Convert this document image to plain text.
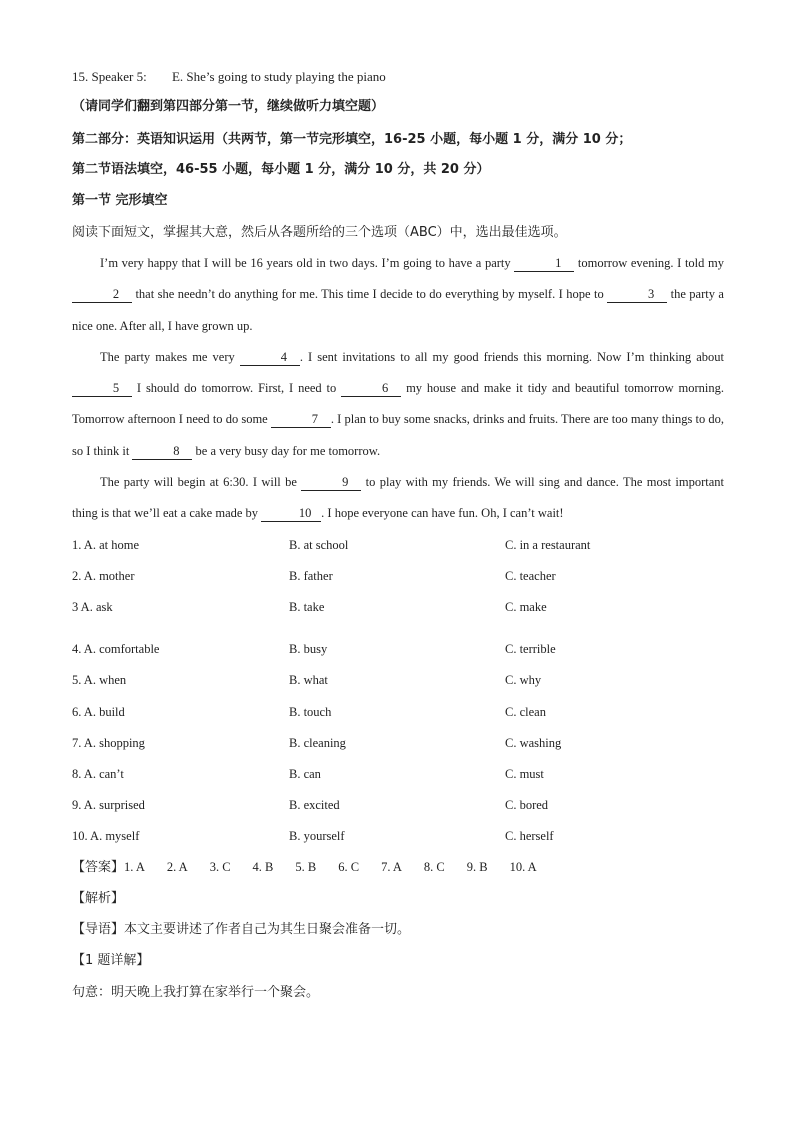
15. Speaker 5: E. She’s going to study playing the piano
（请同学们翻到第四部分第一节，继续做听力填空题）
第二部分：英语知识运用（共两节，第一节完形填空，16-25 小题，每小题 1 分，满分 10 分；
第二节语法填空，46-55 小题，每小题 1 分，满分 10 分，共 20 分）
第一节 完形填空
阅读下面短文，掌握其大意，然后从各题所给的三个选项（ABC）中，选出最佳选项。
I’m very happy that I will be 16 years old in two days. I’m going to have a party	1 tomorrow evening. I told my 2 that she needn’t do anything for me. This time I decide to do everything by myself. I hope to	3 the party a nice one. After all, I have grown up.
The party makes me very	4 . I sent invitations to all my good friends this morning. Now I’m thinking about 5 I should do tomorrow. First, I need to	6 my house and make it tidy and beautiful tomorrow morning. Tomorrow afternoon I need to do some	7 . I plan to buy some snacks, drinks and fruits. There are too many things to do, so I think it	8 be a very busy day for me tomorrow.
The party will begin at 6:30. I will be	9 to play with my friends. We will sing and dance. The most important thing is that we’ll eat a cake made by	10 . I hope everyone can have fun. Oh, I can’t wait!
1. A. at home	B. at school	C. in a restaurant
2. A. mother	B. father	C. teacher
3 A. ask	B. take	C. make
4. A. comfortable	B. busy	C. terrible
5. A. when	B. what	C. why
6. A. build	B. touch	C. clean
7. A. shopping	B. cleaning	C. washing
8. A. can’t	B. can	C. must
9. A. surprised	B. excited	C. bored
10. A. myself	B. yourself	C. herself
【答案】1. A 2. A 3. C 4. B 5. B 6. C 7. A 8. C 9. B 10. A
【解析】
【导语】本文主要讲述了作者自己为其生日聚会准备一切。
【1 题详解】
句意：明天晚上我打算在家举行一个聚会。
